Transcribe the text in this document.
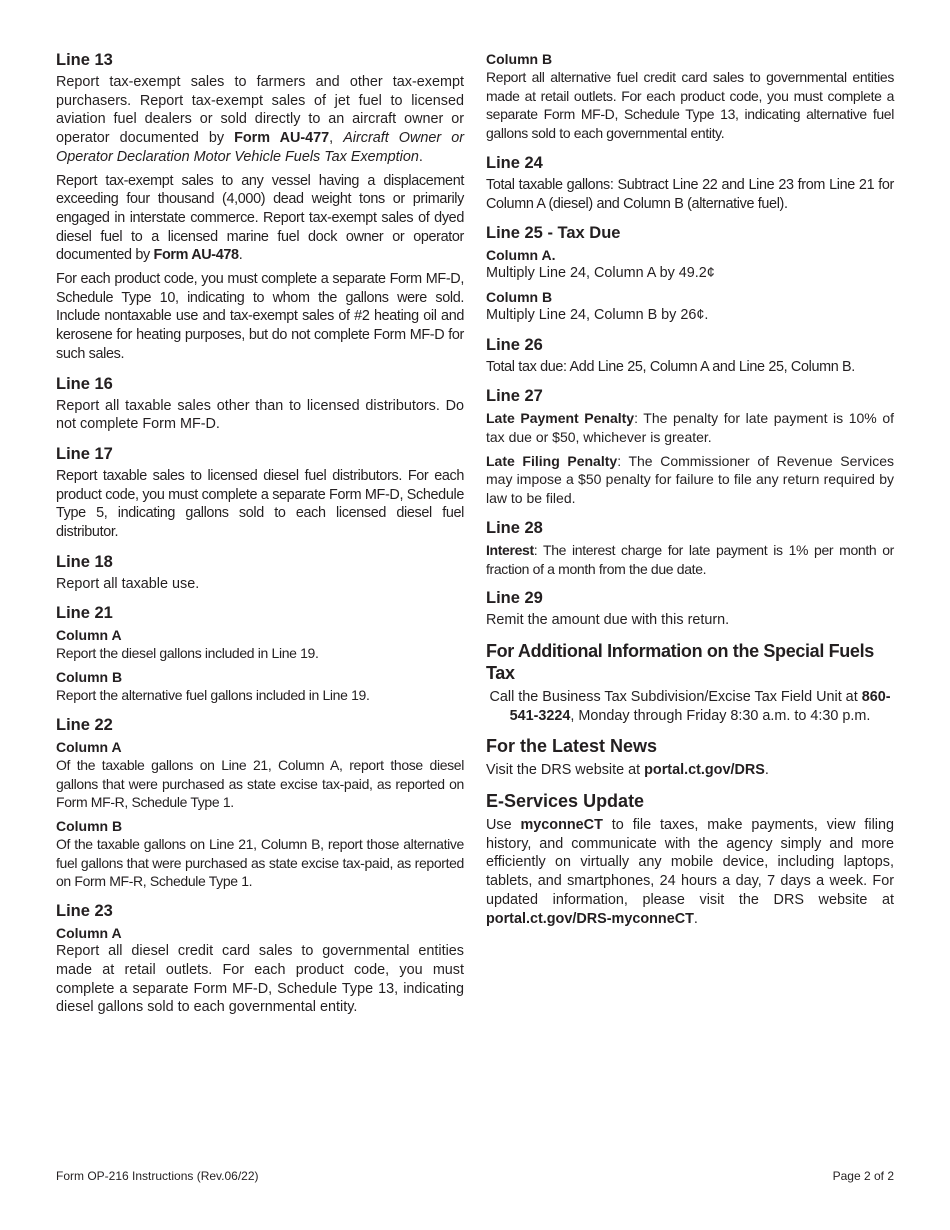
Line 13

Report tax-exempt sales to farmers and other tax-exempt purchasers. Report tax-exempt sales of jet fuel to licensed aviation fuel dealers or sold directly to an aircraft owner or operator documented by Form AU-477, Aircraft Owner or Operator Declaration Motor Vehicle Fuels Tax Exemption.

Report tax-exempt sales to any vessel having a displacement exceeding four thousand (4,000) dead weight tons or primarily engaged in interstate commerce. Report tax-exempt sales of dyed diesel fuel to a licensed marine fuel dock owner or operator documented by Form AU-478.

For each product code, you must complete a separate Form MF-D, Schedule Type 10, indicating to whom the gallons were sold. Include nontaxable use and tax-exempt sales of #2 heating oil and kerosene for heating purposes, but do not complete Form MF-D for such sales.

Line 16

Report all taxable sales other than to licensed distributors. Do not complete Form MF-D.

Line 17

Report taxable sales to licensed diesel fuel distributors. For each product code, you must complete a separate Form MF-D, Schedule Type 5, indicating gallons sold to each licensed diesel fuel distributor.

Line 18

Report all taxable use.

Line 21
Column A

Report the diesel gallons included in Line 19.

Column B

Report the alternative fuel gallons included in Line 19.

Line 22
Column A

Of the taxable gallons on Line 21, Column A, report those diesel gallons that were purchased as state excise tax-paid, as reported on Form MF-R, Schedule Type 1.

Column B

Of the taxable gallons on Line 21, Column B, report those alternative fuel gallons that were purchased as state excise tax-paid, as reported on Form MF-R, Schedule Type 1.

Line 23
Column A

Report all diesel credit card sales to governmental entities made at retail outlets. For each product code, you must complete a separate Form MF-D, Schedule Type 13, indicating diesel gallons sold to each governmental entity.

Column B

Report all alternative fuel credit card sales to governmental entities made at retail outlets. For each product code, you must complete a separate Form MF-D, Schedule Type 13, indicating alternative fuel gallons sold to each governmental entity.

Line 24

Total taxable gallons: Subtract Line 22 and Line 23 from Line 21 for Column A (diesel) and Column B (alternative fuel).

Line 25 - Tax Due
Column A.

Multiply Line 24, Column A by 49.2¢

Column B

Multiply Line 24, Column B by 26¢.

Line 26

Total tax due: Add Line 25, Column A and Line 25, Column B.

Line 27

Late Payment Penalty: The penalty for late payment is 10% of tax due or $50, whichever is greater.

Late Filing Penalty: The Commissioner of Revenue Services may impose a $50 penalty for failure to file any return required by law to be filed.

Line 28

Interest: The interest charge for late payment is 1% per month or fraction of a month from the due date.

Line 29

Remit the amount due with this return.

For Additional Information on the Special Fuels Tax

Call the Business Tax Subdivision/Excise Tax Field Unit at 860-541-3224, Monday through Friday 8:30 a.m. to 4:30 p.m.

For the Latest News

Visit the DRS website at portal.ct.gov/DRS.

E-Services Update

Use myconneCT to file taxes, make payments, view filing history, and communicate with the agency simply and more efficiently on virtually any mobile device, including laptops, tablets, and smartphones, 24 hours a day, 7 days a week. For updated information, please visit the DRS website at portal.ct.gov/DRS-myconneCT.

Form OP-216 Instructions (Rev.06/22)	Page 2 of 2
